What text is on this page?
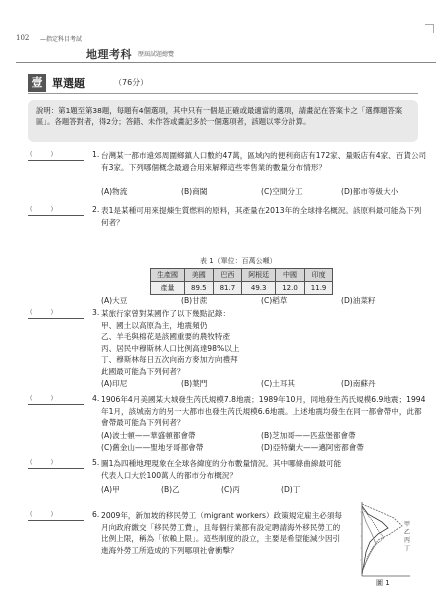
102 —指定科目考試
地理考科 歷屆試題總覽
壹 單選題	（76分）
說明：第1題至第38題，每題有4個選項，其中只有一個是正確或最適當的選項，請畫記在答案卡之「選擇題答案區」。各題答對者，得2分；答錯、未作答或畫記多於一個選項者，該題以零分計算。
(      )	1. 台灣某一都市遠郊周圍鄉鎮人口數約47萬，區域內的便利商店有172家、量販店有4家、百貨公司有3家。下列哪個概念最適合用來解釋這些零售業的數量分布情形？
(A)物流	(B)商閾	(C)空間分工	(D)都市等級大小
(      )	2. 表1是某種可用來提煉生質燃料的原料，其產量在2013年的全球排名概況。該原料最可能為下列何者？
(A)大豆	(B)甘蔗	(C)稻草	(D)油菜籽
表 1（單位：百萬公噸）
生產國	美國	巴西	阿根廷	中國	印度
產量	89.5	81.7	49.3	12.0	11.9
(      )	3. 某旅行家曾對某國作了以下幾點記錄：
甲、國土以高原為主，地震頻仍
乙、羊毛與棉花是該國重要的農牧特產
丙、居民中穆斯林人口比例高達98%以上
丁、穆斯林每日五次向南方麥加方向禮拜
此國最可能為下列何者？
(A)印尼	(B)葉門	(C)土耳其	(D)南蘇丹
(      )	4. 1906年4月美國某大城發生芮氏規模7.8地震；1989年10月，同地發生芮氏規模6.9地震；1994年1月，該城南方的另一大都市也發生芮氏規模6.6地震。上述地震均發生在同一都會帶中，此都會帶最可能為下列何者？
(A)波士頓——華盛頓都會帶	(B)芝加哥——匹茲堡都會帶
(C)舊金山——聖地牙哥都會帶	(D)亞特蘭大——邁阿密都會帶
(      )	5. 圖1為四種地理現象在全球各緯度的分布數量情況。其中哪條曲線最可能代表人口大於100萬人的都市分布概況？
(A)甲	(B)乙	(C)丙	(D)丁
(      )	6. 2009年，新加坡的移民勞工（migrant workers）政策規定雇主必須每月向政府繳交「移民勞工費」，且每個行業都有設定聘請海外移民勞工的比例上限，稱為「依賴上限」。這些制度的設立，主要是希望能減少因引進海外勞工所造成的下列哪項社會衝擊？
甲
乙
丙
丁
圖 1
